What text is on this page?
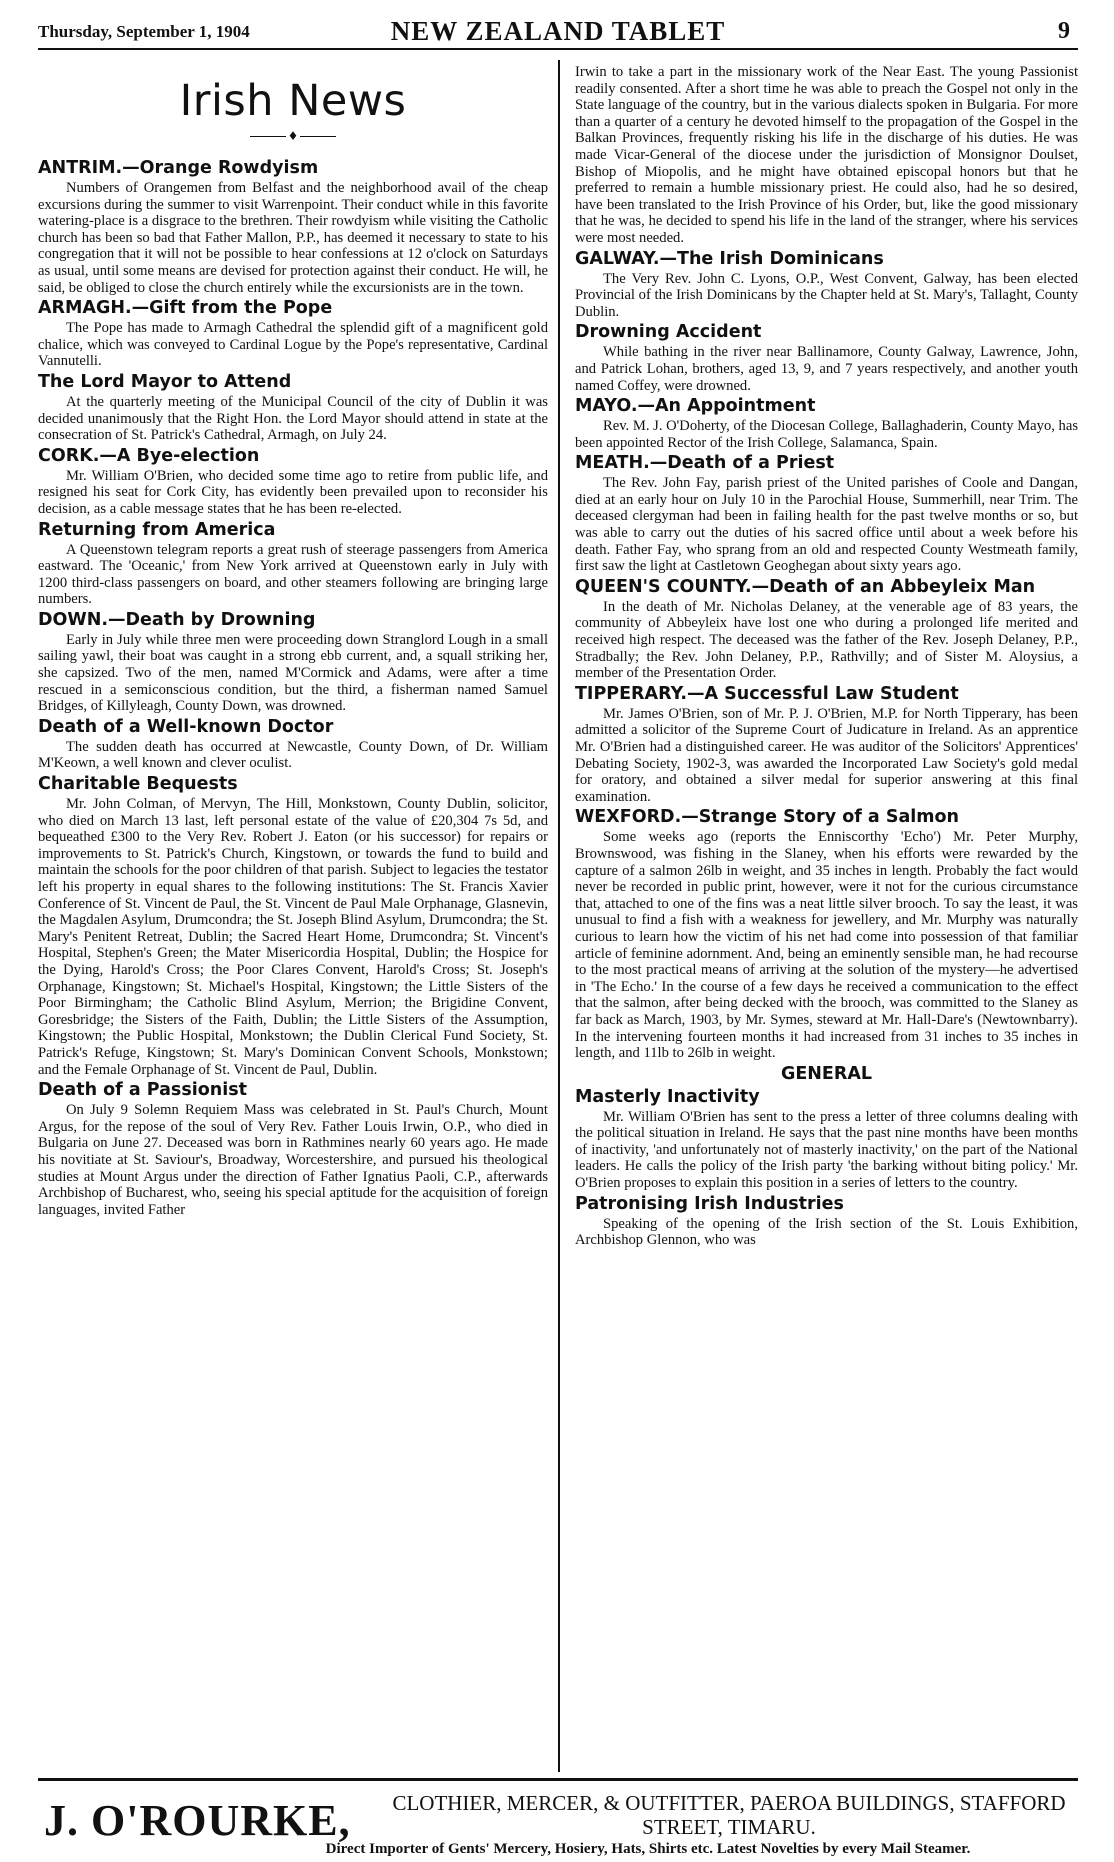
Thursday, September 1, 1904	NEW ZEALAND TABLET	9
Irish News
♦
ANTRIM.—Orange Rowdyism

Numbers of Orangemen from Belfast and the neighborhood avail of the cheap excursions during the summer to visit Warrenpoint. Their conduct while in this favorite watering-place is a disgrace to the brethren. Their rowdyism while visiting the Catholic church has been so bad that Father Mallon, P.P., has deemed it necessary to state to his congregation that it will not be possible to hear confessions at 12 o'clock on Saturdays as usual, until some means are devised for protection against their conduct. He will, he said, be obliged to close the church entirely while the excursionists are in the town.

ARMAGH.—Gift from the Pope

The Pope has made to Armagh Cathedral the splendid gift of a magnificent gold chalice, which was conveyed to Cardinal Logue by the Pope's representative, Cardinal Vannutelli.

The Lord Mayor to Attend

At the quarterly meeting of the Municipal Council of the city of Dublin it was decided unanimously that the Right Hon. the Lord Mayor should attend in state at the consecration of St. Patrick's Cathedral, Armagh, on July 24.

CORK.—A Bye-election

Mr. William O'Brien, who decided some time ago to retire from public life, and resigned his seat for Cork City, has evidently been prevailed upon to reconsider his decision, as a cable message states that he has been re-elected.

Returning from America

A Queenstown telegram reports a great rush of steerage passengers from America eastward. The 'Oceanic,' from New York arrived at Queenstown early in July with 1200 third-class passengers on board, and other steamers following are bringing large numbers.

DOWN.—Death by Drowning

Early in July while three men were proceeding down Stranglord Lough in a small sailing yawl, their boat was caught in a strong ebb current, and, a squall striking her, she capsized. Two of the men, named M'Cormick and Adams, were after a time rescued in a semiconscious condition, but the third, a fisherman named Samuel Bridges, of Killyleagh, County Down, was drowned.

Death of a Well-known Doctor

The sudden death has occurred at Newcastle, County Down, of Dr. William M'Keown, a well known and clever oculist.

Charitable Bequests

Mr. John Colman, of Mervyn, The Hill, Monkstown, County Dublin, solicitor, who died on March 13 last, left personal estate of the value of £20,304 7s 5d, and bequeathed £300 to the Very Rev. Robert J. Eaton (or his successor) for repairs or improvements to St. Patrick's Church, Kingstown, or towards the fund to build and maintain the schools for the poor children of that parish. Subject to legacies the testator left his property in equal shares to the following institutions: The St. Francis Xavier Conference of St. Vincent de Paul, the St. Vincent de Paul Male Orphanage, Glasnevin, the Magdalen Asylum, Drumcondra; the St. Joseph Blind Asylum, Drumcondra; the St. Mary's Penitent Retreat, Dublin; the Sacred Heart Home, Drumcondra; St. Vincent's Hospital, Stephen's Green; the Mater Misericordia Hospital, Dublin; the Hospice for the Dying, Harold's Cross; the Poor Clares Convent, Harold's Cross; St. Joseph's Orphanage, Kingstown; St. Michael's Hospital, Kingstown; the Little Sisters of the Poor Birmingham; the Catholic Blind Asylum, Merrion; the Brigidine Convent, Goresbridge; the Sisters of the Faith, Dublin; the Little Sisters of the Assumption, Kingstown; the Public Hospital, Monkstown; the Dublin Clerical Fund Society, St. Patrick's Refuge, Kingstown; St. Mary's Dominican Convent Schools, Monkstown; and the Female Orphanage of St. Vincent de Paul, Dublin.

Death of a Passionist

On July 9 Solemn Requiem Mass was celebrated in St. Paul's Church, Mount Argus, for the repose of the soul of Very Rev. Father Louis Irwin, O.P., who died in Bulgaria on June 27. Deceased was born in Rathmines nearly 60 years ago. He made his novitiate at St. Saviour's, Broadway, Worcestershire, and pursued his theological studies at Mount Argus under the direction of Father Ignatius Paoli, C.P., afterwards Archbishop of Bucharest, who, seeing his special aptitude for the acquisition of foreign languages, invited Father

Irwin to take a part in the missionary work of the Near East. The young Passionist readily consented. After a short time he was able to preach the Gospel not only in the State language of the country, but in the various dialects spoken in Bulgaria. For more than a quarter of a century he devoted himself to the propagation of the Gospel in the Balkan Provinces, frequently risking his life in the discharge of his duties. He was made Vicar-General of the diocese under the jurisdiction of Monsignor Doulset, Bishop of Miopolis, and he might have obtained episcopal honors but that he preferred to remain a humble missionary priest. He could also, had he so desired, have been translated to the Irish Province of his Order, but, like the good missionary that he was, he decided to spend his life in the land of the stranger, where his services were most needed.

GALWAY.—The Irish Dominicans

The Very Rev. John C. Lyons, O.P., West Convent, Galway, has been elected Provincial of the Irish Dominicans by the Chapter held at St. Mary's, Tallaght, County Dublin.

Drowning Accident

While bathing in the river near Ballinamore, County Galway, Lawrence, John, and Patrick Lohan, brothers, aged 13, 9, and 7 years respectively, and another youth named Coffey, were drowned.

MAYO.—An Appointment

Rev. M. J. O'Doherty, of the Diocesan College, Ballaghaderin, County Mayo, has been appointed Rector of the Irish College, Salamanca, Spain.

MEATH.—Death of a Priest

The Rev. John Fay, parish priest of the United parishes of Coole and Dangan, died at an early hour on July 10 in the Parochial House, Summerhill, near Trim. The deceased clergyman had been in failing health for the past twelve months or so, but was able to carry out the duties of his sacred office until about a week before his death. Father Fay, who sprang from an old and respected County Westmeath family, first saw the light at Castletown Geoghegan about sixty years ago.

QUEEN'S COUNTY.—Death of an Abbeyleix Man

In the death of Mr. Nicholas Delaney, at the venerable age of 83 years, the community of Abbeyleix have lost one who during a prolonged life merited and received high respect. The deceased was the father of the Rev. Joseph Delaney, P.P., Stradbally; the Rev. John Delaney, P.P., Rathvilly; and of Sister M. Aloysius, a member of the Presentation Order.

TIPPERARY.—A Successful Law Student

Mr. James O'Brien, son of Mr. P. J. O'Brien, M.P. for North Tipperary, has been admitted a solicitor of the Supreme Court of Judicature in Ireland. As an apprentice Mr. O'Brien had a distinguished career. He was auditor of the Solicitors' Apprentices' Debating Society, 1902-3, was awarded the Incorporated Law Society's gold medal for oratory, and obtained a silver medal for superior answering at this final examination.

WEXFORD.—Strange Story of a Salmon

Some weeks ago (reports the Enniscorthy 'Echo') Mr. Peter Murphy, Brownswood, was fishing in the Slaney, when his efforts were rewarded by the capture of a salmon 26lb in weight, and 35 inches in length. Probably the fact would never be recorded in public print, however, were it not for the curious circumstance that, attached to one of the fins was a neat little silver brooch. To say the least, it was unusual to find a fish with a weakness for jewellery, and Mr. Murphy was naturally curious to learn how the victim of his net had come into possession of that familiar article of feminine adornment. And, being an eminently sensible man, he had recourse to the most practical means of arriving at the solution of the mystery—he advertised in 'The Echo.' In the course of a few days he received a communication to the effect that the salmon, after being decked with the brooch, was committed to the Slaney as far back as March, 1903, by Mr. Symes, steward at Mr. Hall-Dare's (Newtownbarry). In the intervening fourteen months it had increased from 31 inches to 35 inches in length, and 11lb to 26lb in weight.

GENERAL
Masterly Inactivity

Mr. William O'Brien has sent to the press a letter of three columns dealing with the political situation in Ireland. He says that the past nine months have been months of inactivity, 'and unfortunately not of masterly inactivity,' on the part of the National leaders. He calls the policy of the Irish party 'the barking without biting policy.' Mr. O'Brien proposes to explain this position in a series of letters to the country.

Patronising Irish Industries

Speaking of the opening of the Irish section of the St. Louis Exhibition, Archbishop Glennon, who was

J. O'ROURKE,	CLOTHIER, MERCER, & OUTFITTER, PAEROA BUILDINGS, STAFFORD STREET, TIMARU.
Direct Importer of Gents' Mercery, Hosiery, Hats, Shirts etc. Latest Novelties by every Mail Steamer.
